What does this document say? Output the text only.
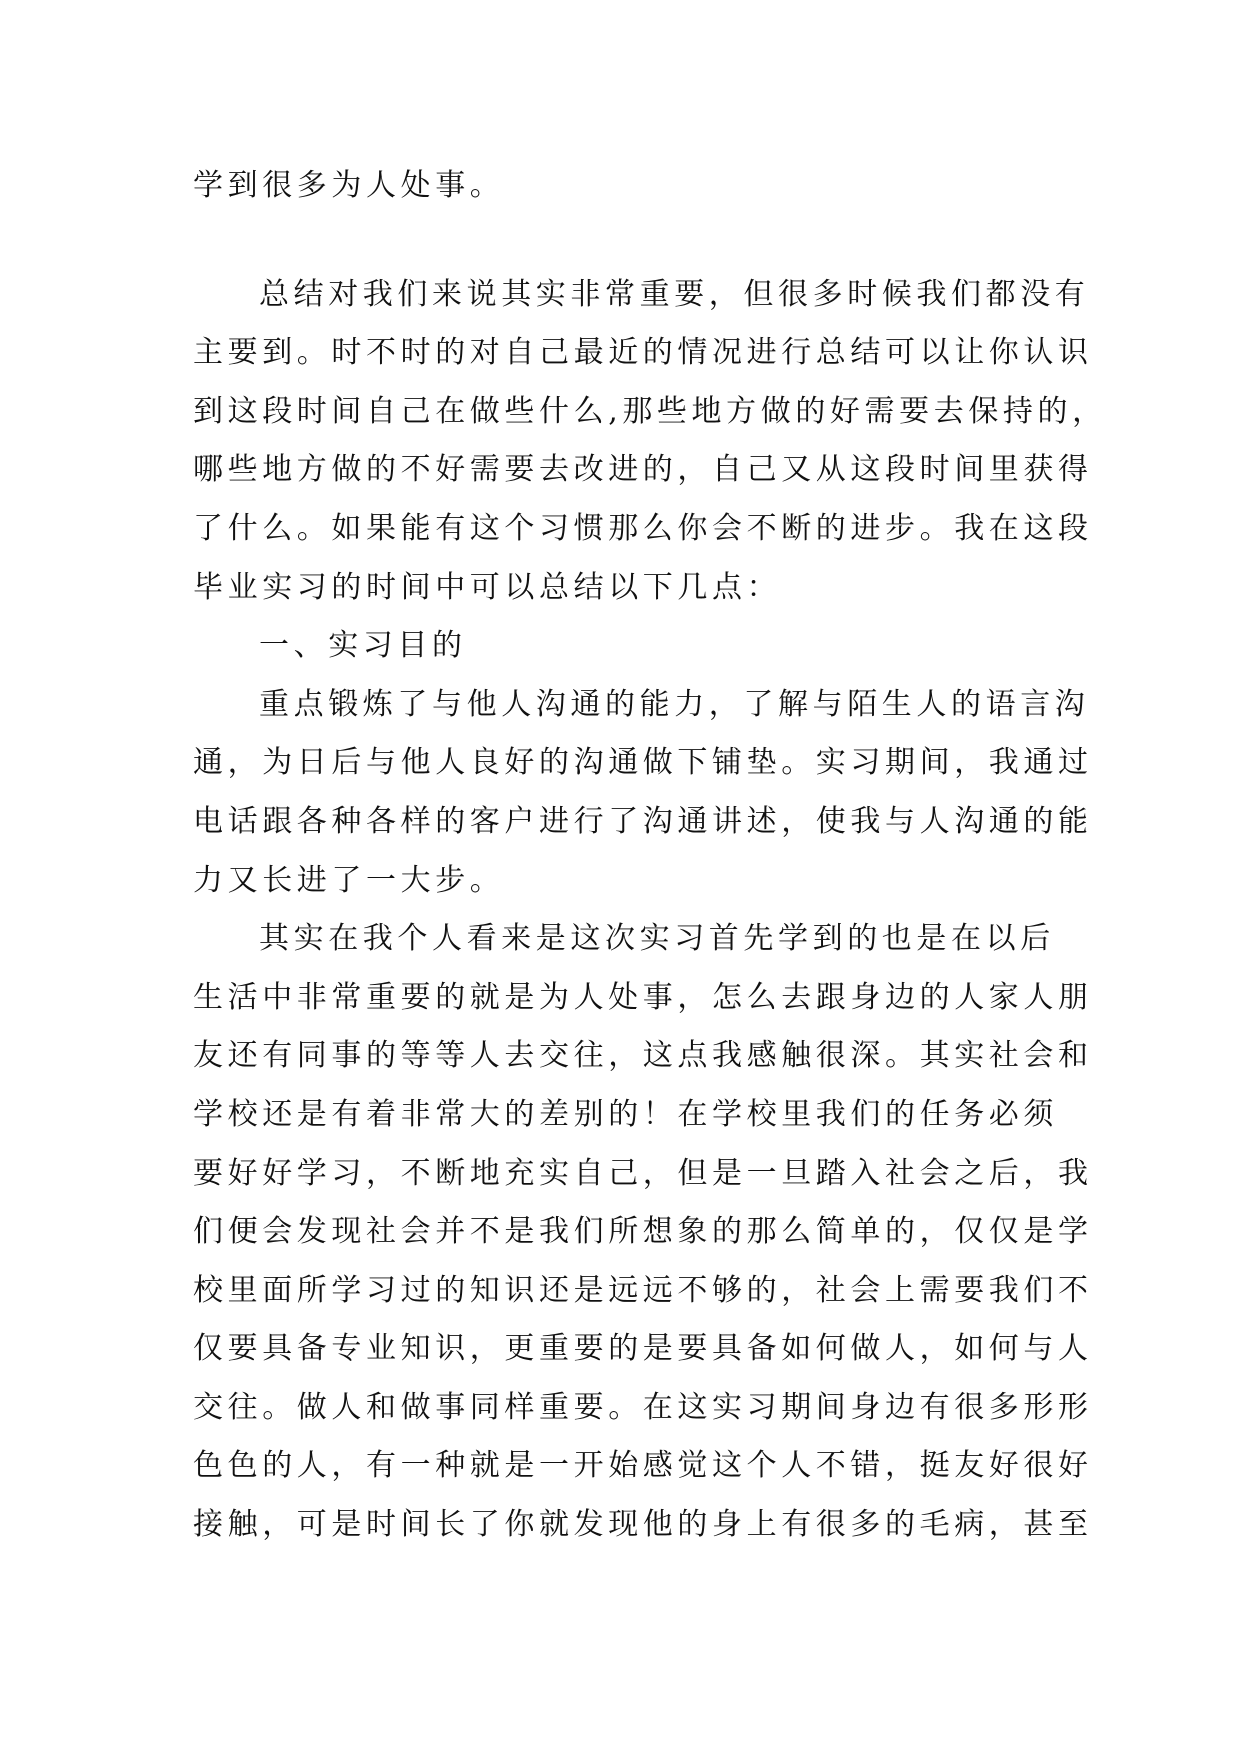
学到很多为人处事。
总结对我们来说其实非常重要，但很多时候我们都没有
主要到。时不时的对自己最近的情况进行总结可以让你认识
到这段时间自己在做些什么,那些地方做的好需要去保持的，
哪些地方做的不好需要去改进的，自己又从这段时间里获得
了什么。如果能有这个习惯那么你会不断的进步。我在这段
毕业实习的时间中可以总结以下几点：
一、实习目的
重点锻炼了与他人沟通的能力，了解与陌生人的语言沟
通，为日后与他人良好的沟通做下铺垫。实习期间，我通过
电话跟各种各样的客户进行了沟通讲述，使我与人沟通的能
力又长进了一大步。
其实在我个人看来是这次实习首先学到的也是在以后
生活中非常重要的就是为人处事，怎么去跟身边的人家人朋
友还有同事的等等人去交往，这点我感触很深。其实社会和
学校还是有着非常大的差别的！在学校里我们的任务必须
要好好学习，不断地充实自己，但是一旦踏入社会之后，我
们便会发现社会并不是我们所想象的那么简单的，仅仅是学
校里面所学习过的知识还是远远不够的，社会上需要我们不
仅要具备专业知识，更重要的是要具备如何做人，如何与人
交往。做人和做事同样重要。在这实习期间身边有很多形形
色色的人，有一种就是一开始感觉这个人不错，挺友好很好
接触，可是时间长了你就发现他的身上有很多的毛病，甚至
